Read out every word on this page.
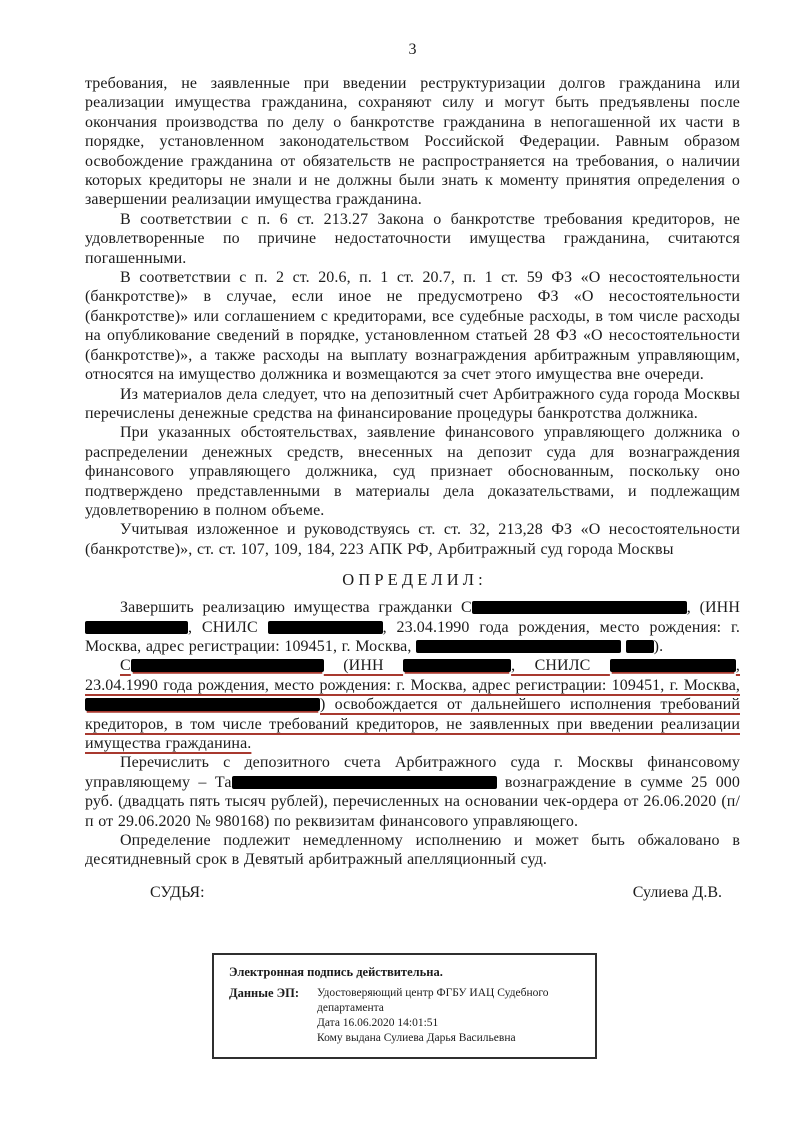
3

требования, не заявленные при введении реструктуризации долгов гражданина или реализации имущества гражданина, сохраняют силу и могут быть предъявлены после окончания производства по делу о банкротстве гражданина в непогашенной их части в порядке, установленном законодательством Российской Федерации. Равным образом освобождение гражданина от обязательств не распространяется на требования, о наличии которых кредиторы не знали и не должны были знать к моменту принятия определения о завершении реализации имущества гражданина.

В соответствии с п. 6 ст. 213.27 Закона о банкротстве требования кредиторов, не удовлетворенные по причине недостаточности имущества гражданина, считаются погашенными.

В соответствии с п. 2 ст. 20.6, п. 1 ст. 20.7, п. 1 ст. 59 ФЗ «О несостоятельности (банкротстве)» в случае, если иное не предусмотрено ФЗ «О несостоятельности (банкротстве)» или соглашением с кредиторами, все судебные расходы, в том числе расходы на опубликование сведений в порядке, установленном статьей 28 ФЗ «О несостоятельности (банкротстве)», а также расходы на выплату вознаграждения арбитражным управляющим, относятся на имущество должника и возмещаются за счет этого имущества вне очереди.

Из материалов дела следует, что на депозитный счет Арбитражного суда города Москвы перечислены денежные средства на финансирование процедуры банкротства должника.

При указанных обстоятельствах, заявление финансового управляющего должника о распределении денежных средств, внесенных на депозит суда для вознаграждения финансового управляющего должника, суд признает обоснованным, поскольку оно подтверждено представленными в материалы дела доказательствами, и подлежащим удовлетворению в полном объеме.

Учитывая изложенное и руководствуясь ст. ст. 32, 213,28 ФЗ «О несостоятельности (банкротстве)», ст. ст. 107, 109, 184, 223 АПК РФ, Арбитражный суд города Москвы

О П Р Е Д Е Л И Л :

Завершить реализацию имущества гражданки С	, (ИНН , СНИЛС	, 23.04.1990 года рождения, место рождения: г. Москва, адрес регистрации: 109451, г. Москва,	).

С	(ИНН	, СНИЛС	, 23.04.1990 года рождения, место рождения: г. Москва, адрес регистрации: 109451, г. Москва, ) освобождается от дальнейшего исполнения требований кредиторов, в том числе требований кредиторов, не заявленных при введении реализации имущества гражданина.

Перечислить с депозитного счета Арбитражного суда г. Москвы финансовому управляющему – Та	вознаграждение в сумме 25 000 руб. (двадцать пять тысяч рублей), перечисленных на основании чек-ордера от 26.06.2020 (п/п от 29.06.2020 № 980168) по реквизитам финансового управляющего.

Определение подлежит немедленному исполнению и может быть обжаловано в десятидневный срок в Девятый арбитражный апелляционный суд.

СУДЬЯ:	Сулиева Д.В.
Электронная подпись действительна.
Данные ЭП:	Удостоверяющий центр ФГБУ ИАЦ Судебного департамента
Дата 16.06.2020 14:01:51
Кому выдана Сулиева Дарья Васильевна
